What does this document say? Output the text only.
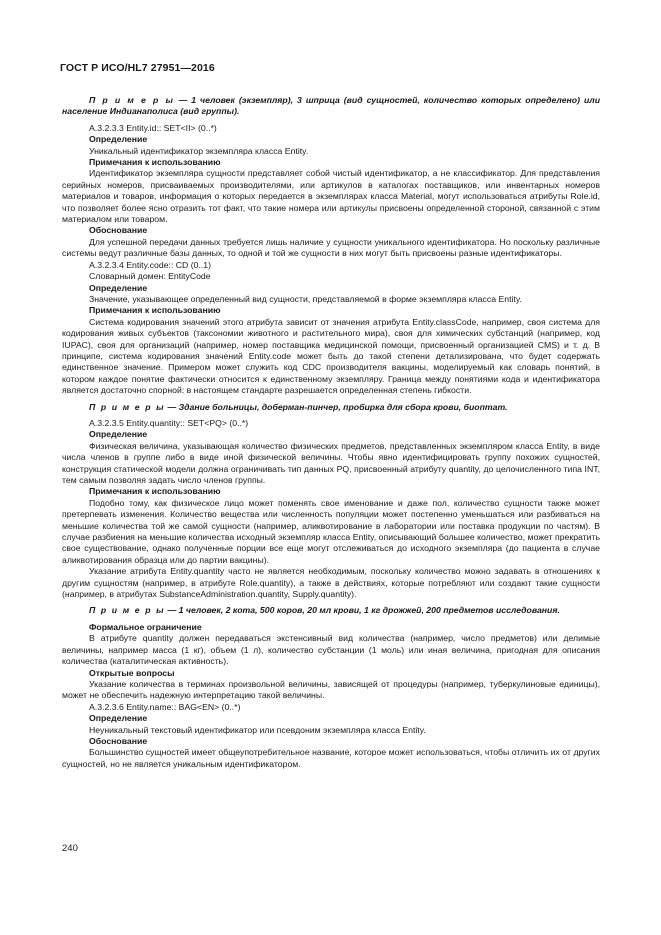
ГОСТ Р ИСО/HL7 27951—2016

П р и м е р ы — 1 человек (экземпляр), 3 шприца (вид сущностей, количество которых определено) или население Индианаполиса (вид группы).

A.3.2.3.3 Entity.id:: SET<II> (0..*)

Определение

Уникальный идентификатор экземпляра класса Entity.

Примечания к использованию

Идентификатор экземпляра сущности представляет собой чистый идентификатор, а не классификатор. Для представления серийных номеров, присваиваемых производителями, или артикулов в каталогах поставщиков, или инвентарных номеров материалов и товаров, информация о которых передается в экземплярах класса Material, могут использоваться атрибуты Role.id, что позволяет более ясно отразить тот факт, что такие номера или артикулы присвоены определенной стороной, связанной с этим материалом или товаром.

Обоснование

Для успешной передачи данных требуется лишь наличие у сущности уникального идентификатора. Но поскольку различные системы ведут различные базы данных, то одной и той же сущности в них могут быть присвоены разные идентификаторы.

A.3.2.3.4 Entity.code:: CD (0..1)

Словарный домен: EntityCode

Определение

Значение, указывающее определенный вид сущности, представляемой в форме экземпляра класса Entity.

Примечания к использованию

Система кодирования значений этого атрибута зависит от значения атрибута Entity.classCode, например, своя система для кодирования живых субъектов (таксономии животного и растительного мира), своя для химических субстанций (например, код IUPAC), своя для организаций (например, номер поставщика медицинской помощи, присвоенный организацией CMS) и т. д. В принципе, система кодирования значений Entity.code может быть до такой степени детализирована, что будет содержать единственное значение. Примером может служить код CDC производителя вакцины, моделируемый как словарь понятий, в котором каждое понятие фактически относится к единственному экземпляру. Граница между понятиями кода и идентификатора является достаточно спорной: в настоящем стандарте разрешается определенная степень гибкости.

П р и м е р ы — Здание больницы, доберман-пинчер, пробирка для сбора крови, биоптат.

A.3.2.3.5 Entity.quantity:: SET<PQ> (0..*)

Определение

Физическая величина, указывающая количество физических предметов, представленных экземпляром класса Entity, в виде числа членов в группе либо в виде иной физической величины. Чтобы явно идентифицировать группу похожих сущностей, конструкция статической модели должна ограничивать тип данных PQ, присвоенный атрибуту quantity, до целочисленного типа INT, тем самым позволяя задать число членов группы.

Примечания к использованию

Подобно тому, как физическое лицо может поменять свое именование и даже пол, количество сущности также может претерпевать изменения. Количество вещества или численность популяции может постепенно уменьшаться или разбиваться на меньшие количества той же самой сущности (например, аликвотирование в лаборатории или поставка продукции по частям). В случае разбиения на меньшие количества исходный экземпляр класса Entity, описывающий большее количество, может прекратить свое существование, однако полученные порции все еще могут отслеживаться до исходного экземпляра (до пациента в случае аликвотирования образца или до партии вакцины).

Указание атрибута Entity.quantity часто не является необходимым, поскольку количество можно задавать в отношениях к другим сущностям (например, в атрибуте Role.quantity), а также в действиях, которые потребляют или создают такие сущности (например, в атрибутах SubstanceAdministration.quantity, Supply.quantity).

П р и м е р ы — 1 человек, 2 кота, 500 коров, 20 мл крови, 1 кг дрожжей, 200 предметов исследования.

Формальное ограничение

В атрибуте quantity должен передаваться экстенсивный вид количества (например, число предметов) или делимые величины, например масса (1 кг), объем (1 л), количество субстанции (1 моль) или иная величина, пригодная для описания количества (каталитическая активность).

Открытые вопросы

Указание количества в терминах произвольной величины, зависящей от процедуры (например, туберкулиновые единицы), может не обеспечить надежную интерпретацию такой величины.

A.3.2.3.6 Entity.name:: BAG<EN> (0..*)

Определение

Неуникальный текстовый идентификатор или псевдоним экземпляра класса Entity.

Обоснование

Большинство сущностей имеет общеупотребительное название, которое может использоваться, чтобы отличить их от других сущностей, но не является уникальным идентификатором.

240
